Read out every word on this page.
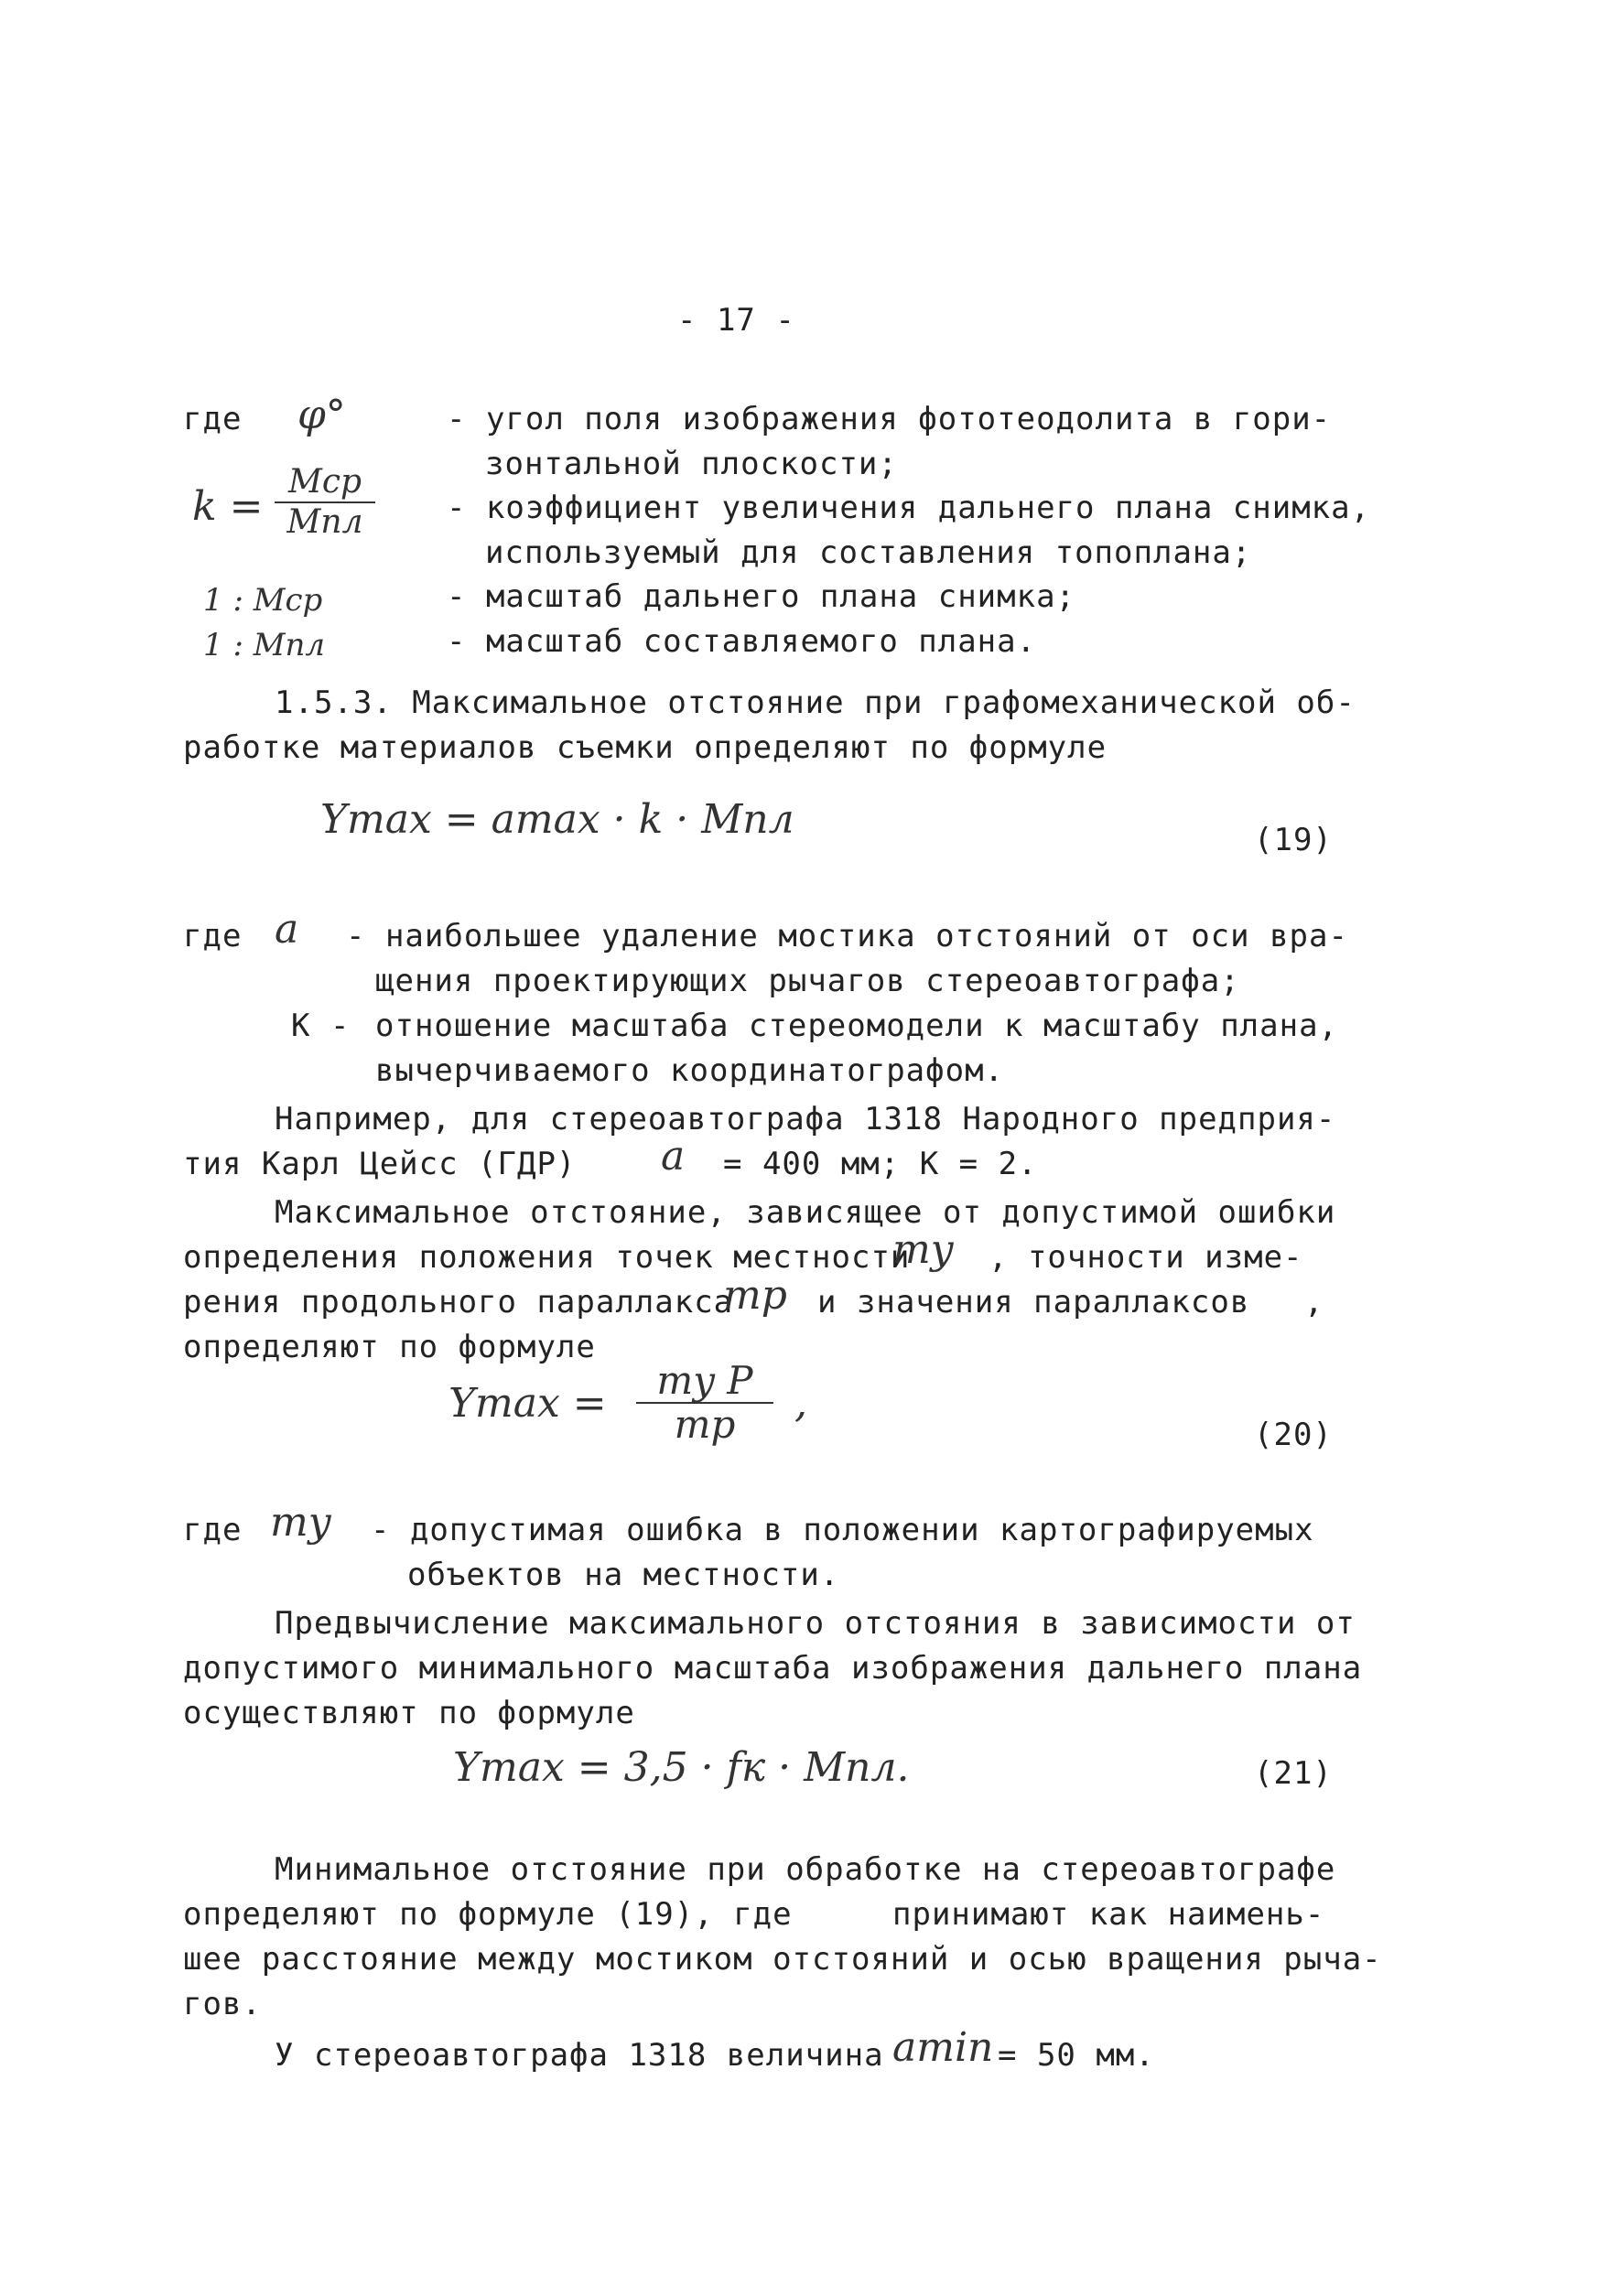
- 17 -
где φ°	- угол поля изображения фототеодолита в гори-
зонтальной плоскости;
k =
Mср
Mпл	- коэффициент увеличения дальнего плана снимка,
используемый для составления топоплана;
1 : Mср	- масштаб дальнего плана снимка;
1 : Mпл	- масштаб составляемого плана.
1.5.3. Максимальное отстояние при графомеханической об-
работке материалов съемки определяют по формуле
Ymax = amax · k · Mпл	(19)
где a - наибольшее удаление мостика отстояний от оси вра-
щения проектирующих рычагов стереоавтографа;
К - отношение масштаба стереомодели к масштабу плана,
вычерчиваемого координатографом.
Например, для стереоавтографа 1318 Народного предприя-
тия Карл Цейсс (ГДР) a = 400 мм; К = 2.
Максимальное отстояние, зависящее от допустимой ошибки
определения положения точек местности
my , точности изме-
рения продольного параллакса
mp и значения параллаксов ,
определяют по формуле
Ymax =	my P
mp	,
(20)
где my - допустимая ошибка в положении картографируемых
объектов на местности.
Предвычисление максимального отстояния в зависимости от
допустимого минимального масштаба изображения дальнего плана
осуществляют по формуле
Ymax = 3,5 · fк · Mпл.	(21)
Минимальное отстояние при обработке на стереоавтографе
определяют по формуле (19), где	принимают как наимень-
шее расстояние между мостиком отстояний и осью вращения рыча-
гов.
У стереоавтографа 1318 величина amin = 50 мм.
